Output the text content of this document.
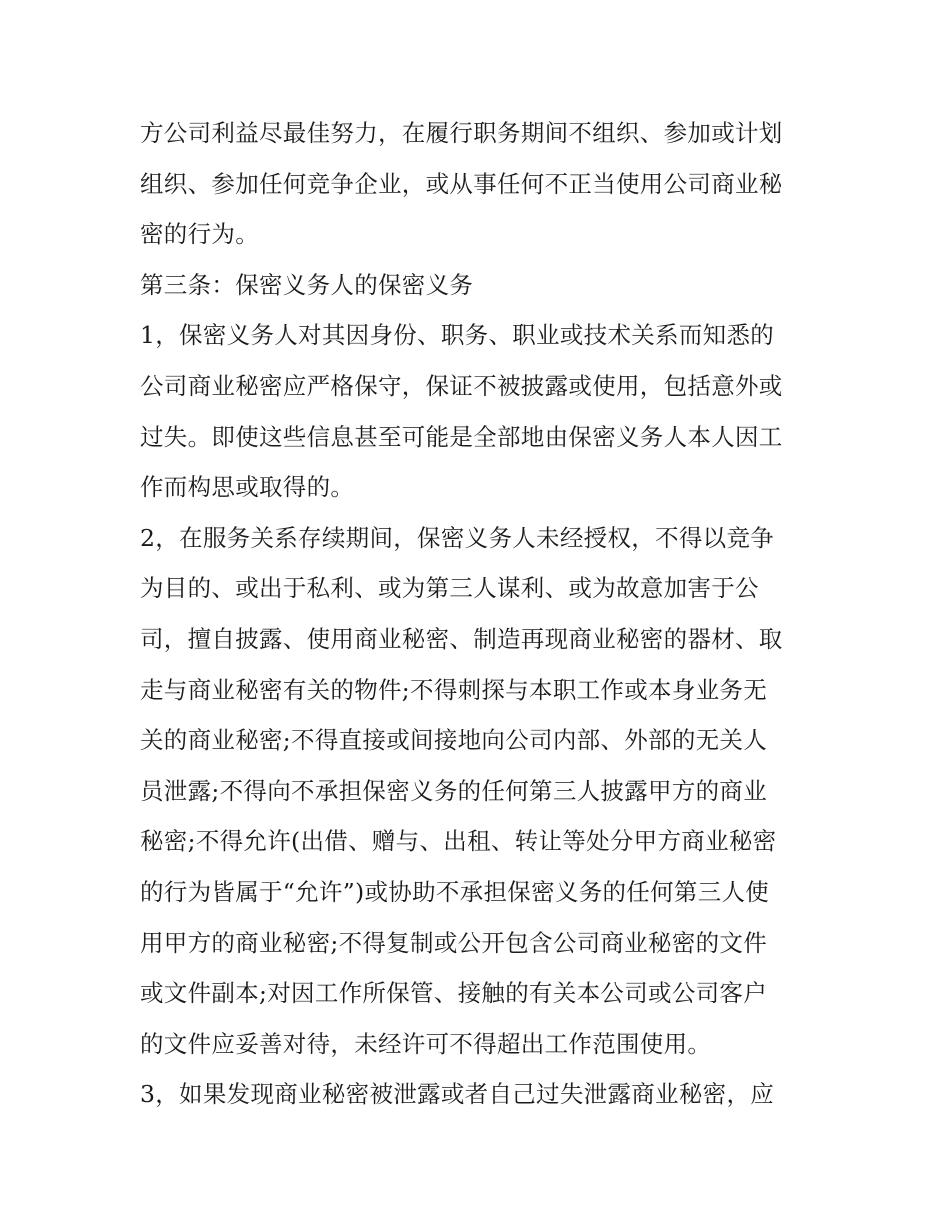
方公司利益尽最佳努力，在履行职务期间不组织、参加或计划
组织、参加任何竞争企业，或从事任何不正当使用公司商业秘
密的行为。
第三条：保密义务人的保密义务
1，保密义务人对其因身份、职务、职业或技术关系而知悉的
公司商业秘密应严格保守，保证不被披露或使用，包括意外或
过失。即使这些信息甚至可能是全部地由保密义务人本人因工
作而构思或取得的。
2，在服务关系存续期间，保密义务人未经授权，不得以竞争
为目的、或出于私利、或为第三人谋利、或为故意加害于公
司，擅自披露、使用商业秘密、制造再现商业秘密的器材、取
走与商业秘密有关的物件;不得刺探与本职工作或本身业务无
关的商业秘密;不得直接或间接地向公司内部、外部的无关人
员泄露;不得向不承担保密义务的任何第三人披露甲方的商业
秘密;不得允许(出借、赠与、出租、转让等处分甲方商业秘密
的行为皆属于“允许”)或协助不承担保密义务的任何第三人使
用甲方的商业秘密;不得复制或公开包含公司商业秘密的文件
或文件副本;对因工作所保管、接触的有关本公司或公司客户
的文件应妥善对待，未经许可不得超出工作范围使用。
3，如果发现商业秘密被泄露或者自己过失泄露商业秘密，应
